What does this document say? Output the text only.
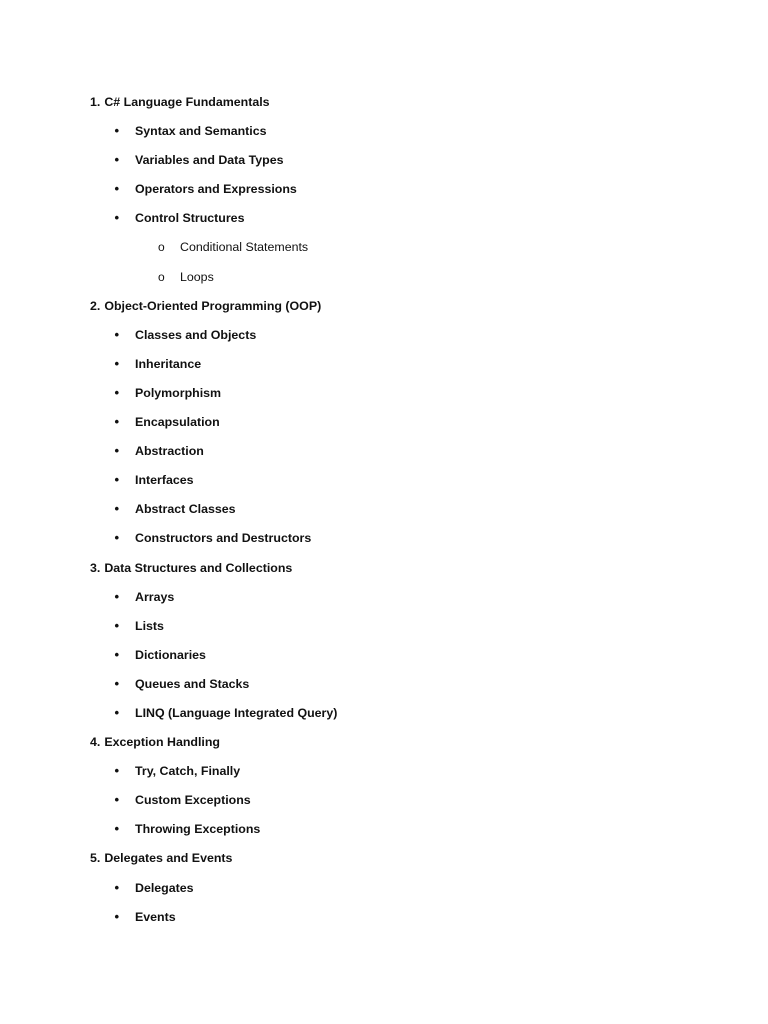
1. C# Language Fundamentals
•	Syntax and Semantics
•	Variables and Data Types
•	Operators and Expressions
•	Control Structures
o	Conditional Statements
o	Loops
2. Object-Oriented Programming (OOP)
•	Classes and Objects
•	Inheritance
•	Polymorphism
•	Encapsulation
•	Abstraction
•	Interfaces
•	Abstract Classes
•	Constructors and Destructors
3. Data Structures and Collections
•	Arrays
•	Lists
•	Dictionaries
•	Queues and Stacks
•	LINQ (Language Integrated Query)
4. Exception Handling
•	Try, Catch, Finally
•	Custom Exceptions
•	Throwing Exceptions
5. Delegates and Events
•	Delegates
•	Events
